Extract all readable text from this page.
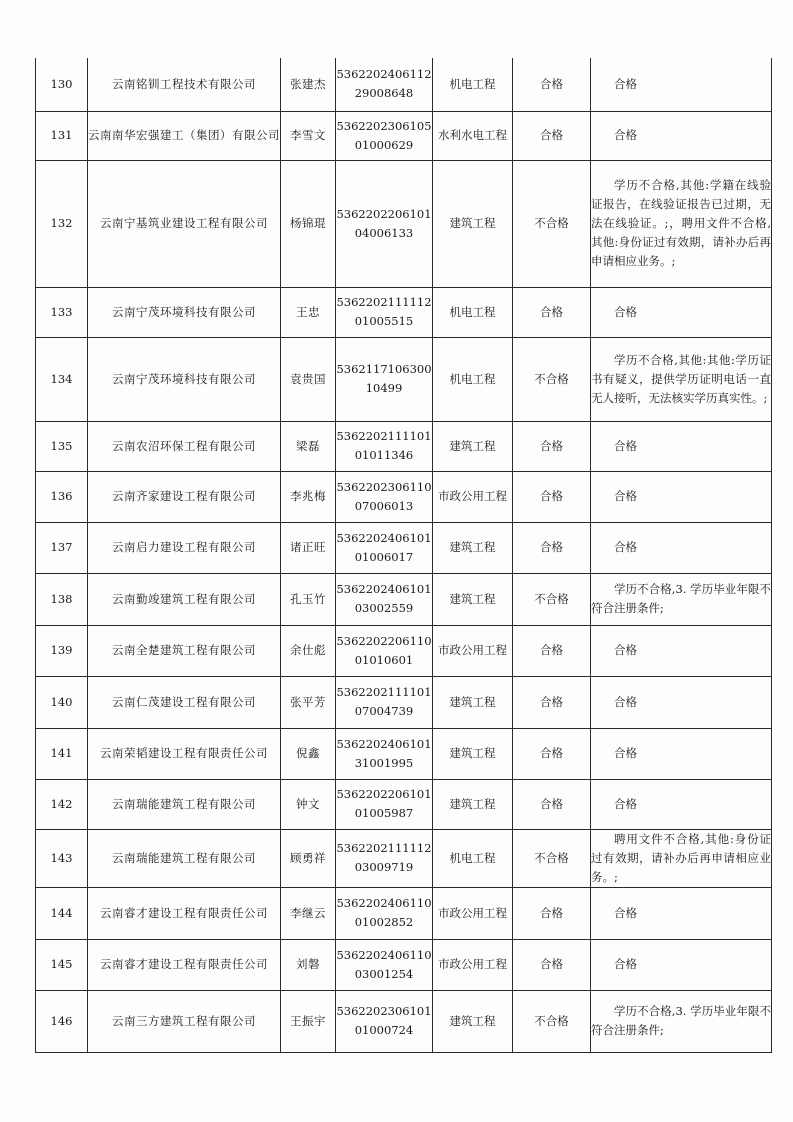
130	云南铭钏工程技术有限公司	张建杰	5362202406112
29008648	机电工程	合格	合格
131	云南南华宏强建工（集团）有限公司	李雪文	5362202306105
01000629	水利水电工程	合格	合格
132	云南宁基筑业建设工程有限公司	杨锦琨	5362202206101
04006133	建筑工程	不合格	学历不合格,其他:学籍在线验证报告，在线验证报告已过期，无法在线验证。;，聘用文件不合格,其他:身份证过有效期，请补办后再申请相应业务。;
133	云南宁茂环境科技有限公司	王忠	5362202111112
01005515	机电工程	合格	合格
134	云南宁茂环境科技有限公司	袁贵国	5362117106300
10499	机电工程	不合格	学历不合格,其他:其他:学历证书有疑义，提供学历证明电话一直无人接听，无法核实学历真实性。;
135	云南农沼环保工程有限公司	梁磊	5362202111101
01011346	建筑工程	合格	合格
136	云南齐家建设工程有限公司	李兆梅	5362202306110
07006013	市政公用工程	合格	合格
137	云南启力建设工程有限公司	诸正旺	5362202406101
01006017	建筑工程	合格	合格
138	云南勤竣建筑工程有限公司	孔玉竹	5362202406101
03002559	建筑工程	不合格	学历不合格,3. 学历毕业年限不符合注册条件;
139	云南全楚建筑工程有限公司	余仕彪	5362202206110
01010601	市政公用工程	合格	合格
140	云南仁茂建设工程有限公司	张平芳	5362202111101
07004739	建筑工程	合格	合格
141	云南荣韬建设工程有限责任公司	倪鑫	5362202406101
31001995	建筑工程	合格	合格
142	云南瑞能建筑工程有限公司	钟文	5362202206101
01005987	建筑工程	合格	合格
143	云南瑞能建筑工程有限公司	顾勇祥	5362202111112
03009719	机电工程	不合格	聘用文件不合格,其他:身份证过有效期，请补办后再申请相应业务。;
144	云南睿才建设工程有限责任公司	李继云	5362202406110
01002852	市政公用工程	合格	合格
145	云南睿才建设工程有限责任公司	刘磐	5362202406110
03001254	市政公用工程	合格	合格
146	云南三方建筑工程有限公司	王振宇	5362202306101
01000724	建筑工程	不合格	学历不合格,3. 学历毕业年限不符合注册条件;
